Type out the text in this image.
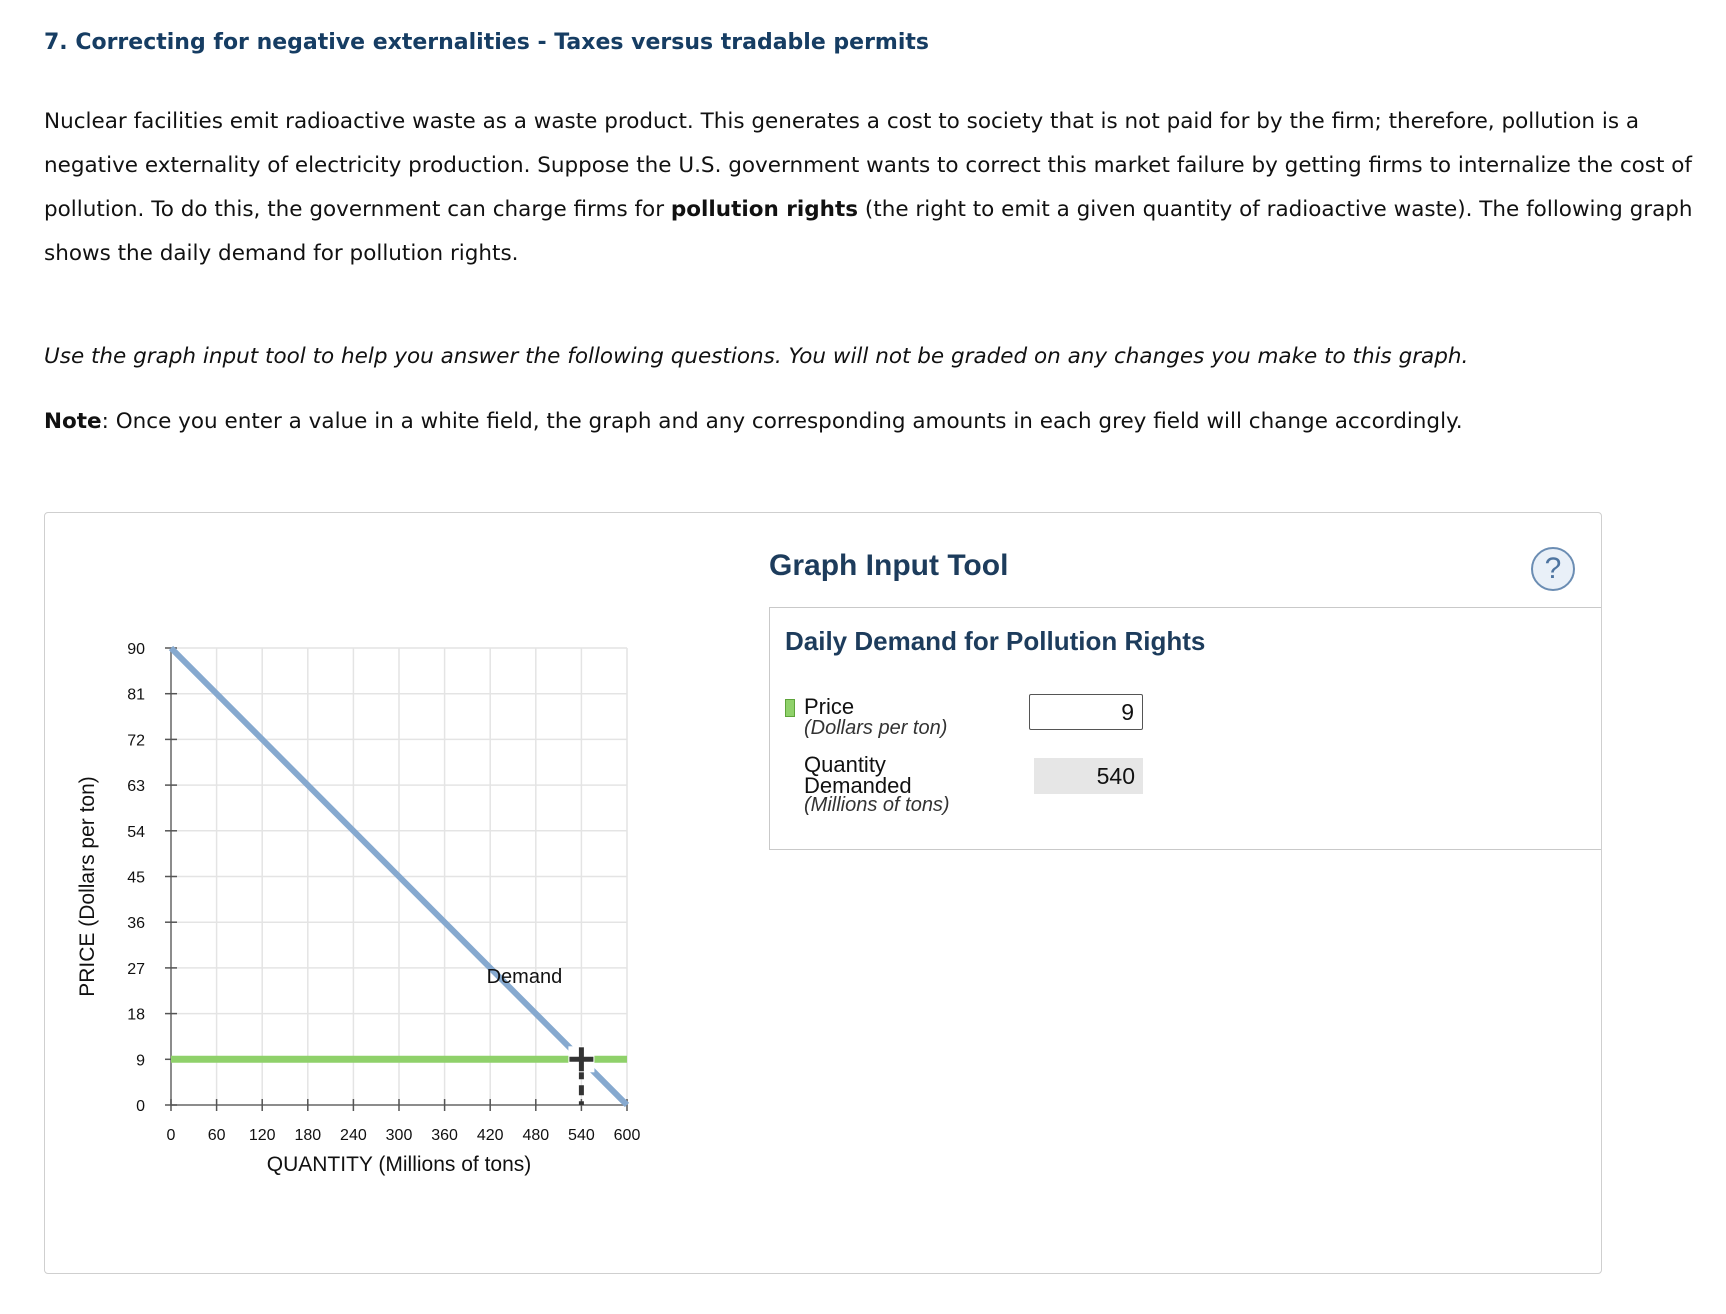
7. Correcting for negative externalities - Taxes versus tradable permits

Nuclear facilities emit radioactive waste as a waste product. This generates a cost to society that is not paid for by the firm; therefore, pollution is a negative externality of electricity production. Suppose the U.S. government wants to correct this market failure by getting firms to internalize the cost of pollution. To do this, the government can charge firms for pollution rights (the right to emit a given quantity of radioactive waste). The following graph shows the daily demand for pollution rights.

Use the graph input tool to help you answer the following questions. You will not be graded on any changes you make to this graph.

Note: Once you enter a value in a white field, the graph and any corresponding amounts in each grey field will change accordingly.

0
9
18
27
36
45
54
63
72
81
90
0 60 120 180 240 300 360 420 480 540 600
QUANTITY (Millions of tons)
PRICE (Dollars per ton)	Demand
Graph Input Tool	?
Daily Demand for Pollution Rights
Price
(Dollars per ton)
9
Quantity
Demanded
(Millions of tons)
540
